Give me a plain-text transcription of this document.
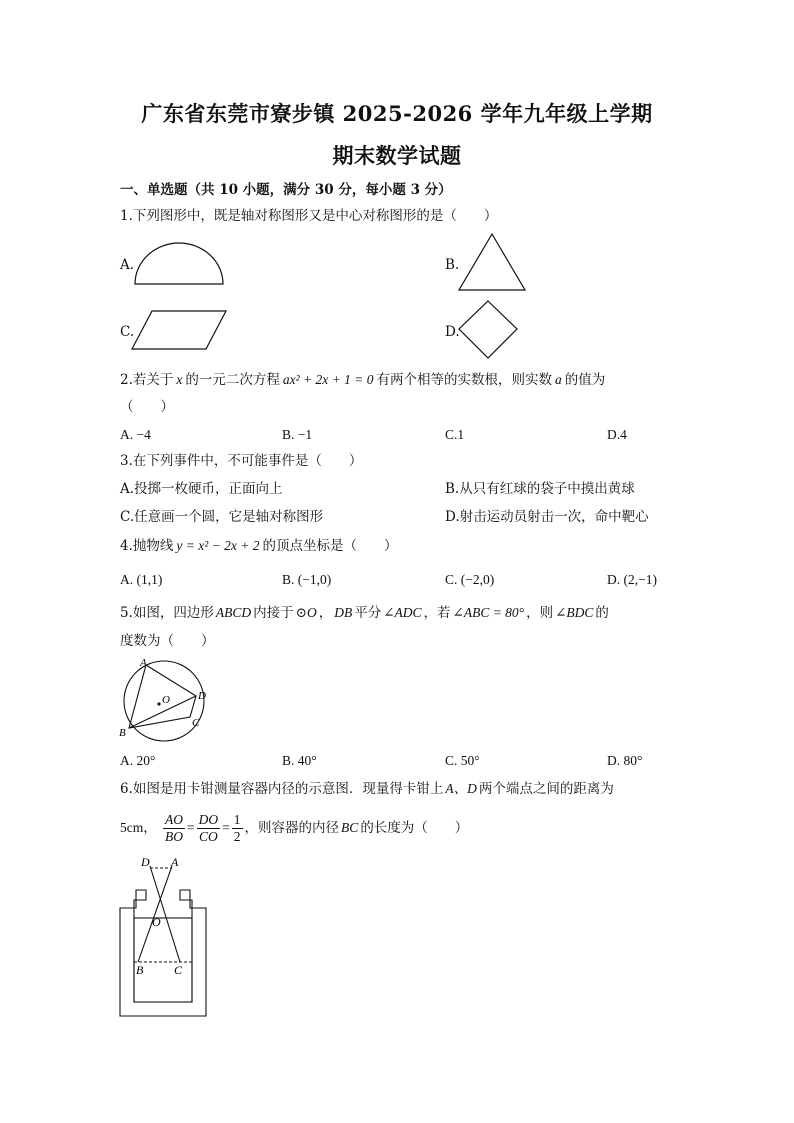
广东省东莞市寮步镇 2025-2026 学年九年级上学期
期末数学试题
一、单选题（共 10 小题，满分 30 分，每小题 3 分）
1.下列图形中，既是轴对称图形又是中心对称图形的是（　　）
A.	B.
C.	D.
2.若关于 x 的一元二次方程 ax² + 2x + 1 = 0 有两个相等的实数根，则实数 a 的值为
（　　）
A. −4	B. −1	C.1	D.4
3.在下列事件中，不可能事件是（　　）
A.投掷一枚硬币，正面向上	B.从只有红球的袋子中摸出黄球
C.任意画一个圆，它是轴对称图形	D.射击运动员射击一次，命中靶心
4.抛物线 y = x² − 2x + 2 的顶点坐标是（　　）
A. (1,1)	B. (−1,0)	C. (−2,0)	D. (2,−1)
5.如图，四边形 ABCD 内接于 ⊙O ， DB 平分 ∠ADC ，若 ∠ABC = 80° ，则 ∠BDC 的
度数为（　　）
A
D
C
B
O
A. 20°	B. 40°	C. 50°	D. 80°
6.如图是用卡钳测量容器内径的示意图．现量得卡钳上 A、D 两个端点之间的距离为
5cm， $\frac{AO}{BO} = \frac{DO}{CO} = \frac{1}{2}$ ，则容器的内径 BC 的长度为（　　）
D A
O
B	C
